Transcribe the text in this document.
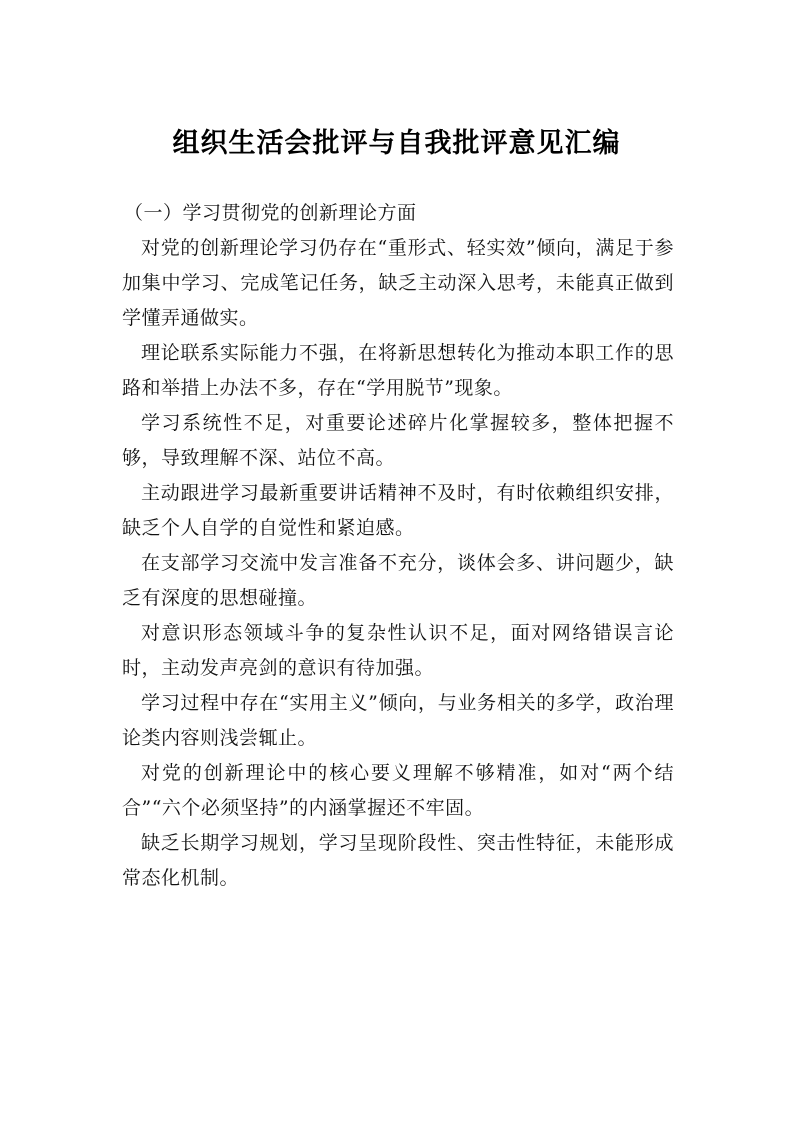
组织生活会批评与自我批评意见汇编

（一）学习贯彻党的创新理论方面

对党的创新理论学习仍存在“重形式、轻实效”倾向，满足于参加集中学习、完成笔记任务，缺乏主动深入思考，未能真正做到学懂弄通做实。

理论联系实际能力不强，在将新思想转化为推动本职工作的思路和举措上办法不多，存在“学用脱节”现象。

学习系统性不足，对重要论述碎片化掌握较多，整体把握不够，导致理解不深、站位不高。

主动跟进学习最新重要讲话精神不及时，有时依赖组织安排，缺乏个人自学的自觉性和紧迫感。

在支部学习交流中发言准备不充分，谈体会多、讲问题少，缺乏有深度的思想碰撞。

对意识形态领域斗争的复杂性认识不足，面对网络错误言论时，主动发声亮剑的意识有待加强。

学习过程中存在“实用主义”倾向，与业务相关的多学，政治理论类内容则浅尝辄止。

对党的创新理论中的核心要义理解不够精准，如对“两个结合”“六个必须坚持”的内涵掌握还不牢固。

缺乏长期学习规划，学习呈现阶段性、突击性特征，未能形成常态化机制。
